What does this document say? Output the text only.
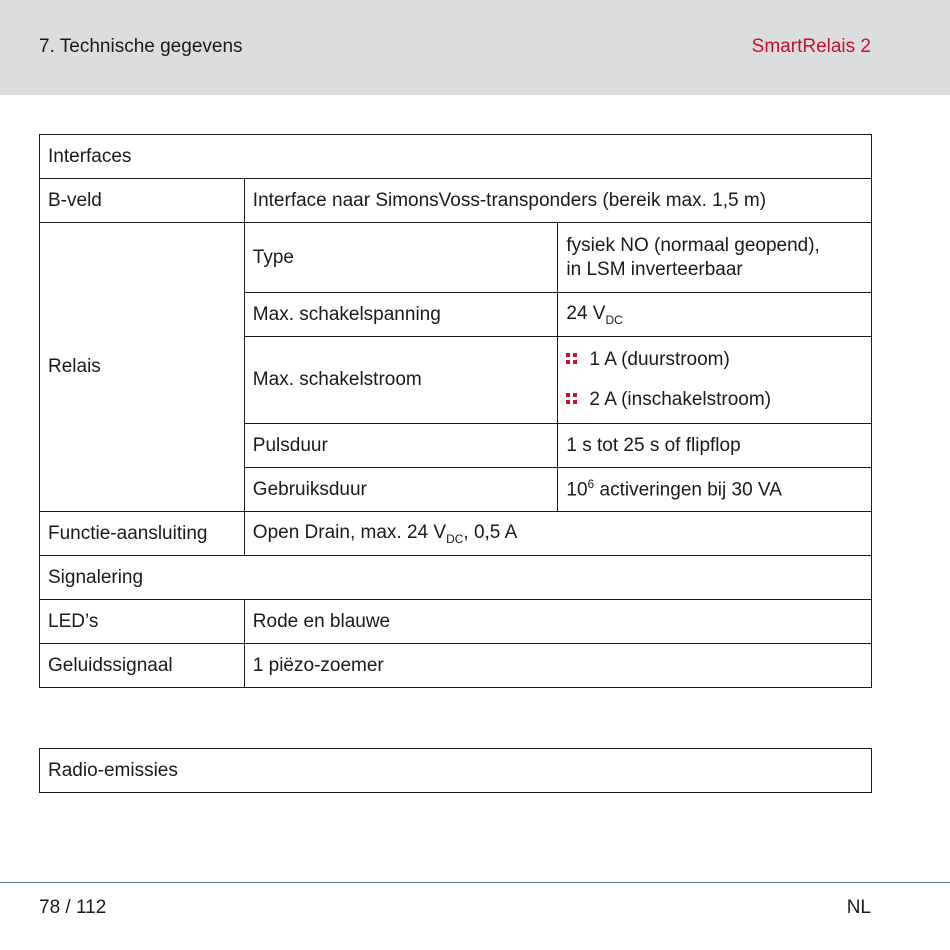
7. Technische gegevens	SmartRelais 2
Interfaces		
B-veld	Interface naar SimonsVoss-transponders (bereik max. 1,5 m)	
Relais	Type	fysiek NO (normaal geopend),
in LSM inverteerbaar
	Max. schakelspanning	24 $V_{DC}$
	Max. schakelstroom	1 A (duurstroom)
2 A (inschakelstroom)

	Pulsduur	1 s tot 25 s of flipflop
	Gebruiksduur	$10^6$ activeringen bij 30 VA
Functie-aansluiting	Open Drain, max. 24 $V_{DC}$, 0,5 A	
Signalering		
LED’s	Rode en blauwe	
Geluidssignaal	1 piëzo-zoemer	
Radio-emissies
78 / 112	NL
